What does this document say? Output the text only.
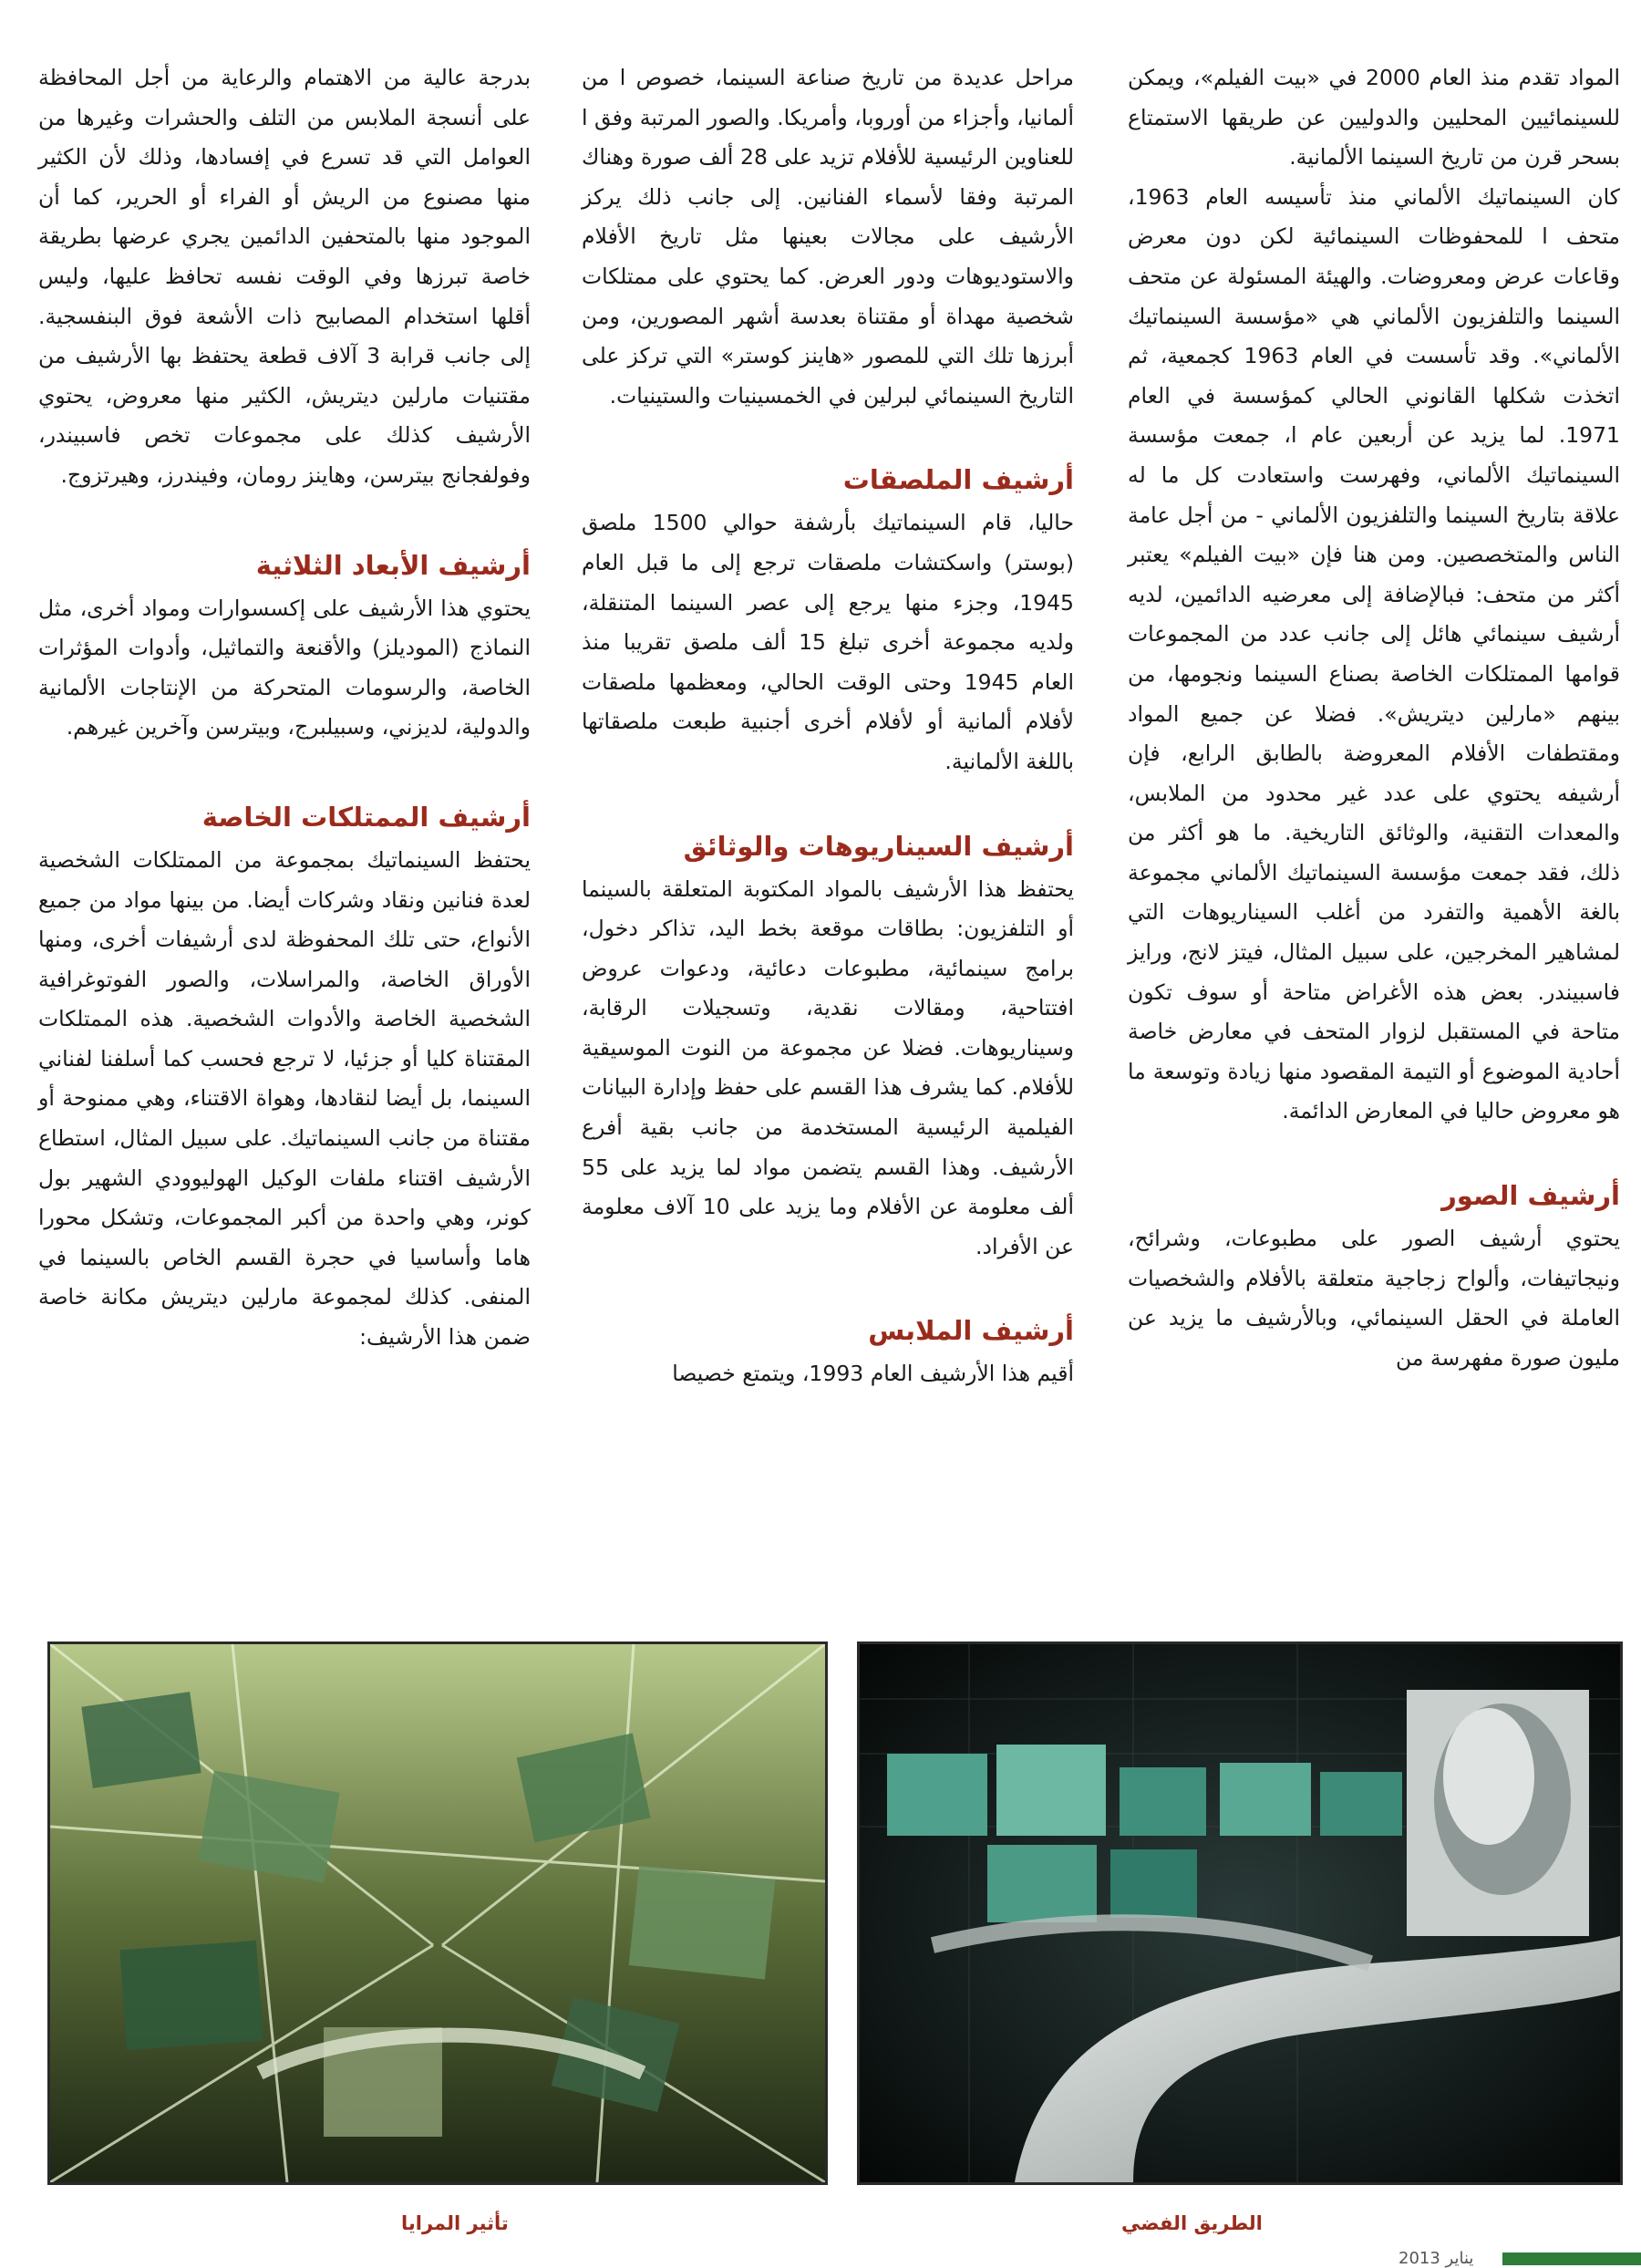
المواد تقدم منذ العام 2000 في «بيت الفيلم»، ويمكن للسينمائيين المحليين والدوليين عن طريقها الاستمتاع بسحر قرن من تاريخ السينما الألمانية.

كان السينماتيك الألماني منذ تأسيسه العام 1963، متحف ا للمحفوظات السينمائية لكن دون معرض وقاعات عرض ومعروضات. والهيئة المسئولة عن متحف السينما والتلفزيون الألماني هي «مؤسسة السينماتيك الألماني». وقد تأسست في العام 1963 كجمعية، ثم اتخذت شكلها القانوني الحالي كمؤسسة في العام 1971. لما يزيد عن أربعين عام ا، جمعت مؤسسة السينماتيك الألماني، وفهرست واستعادت كل ما له علاقة بتاريخ السينما والتلفزيون الألماني - من أجل عامة الناس والمتخصصين. ومن هنا فإن «بيت الفيلم» يعتبر أكثر من متحف: فبالإضافة إلى معرضيه الدائمين، لديه أرشيف سينمائي هائل إلى جانب عدد من المجموعات قوامها الممتلكات الخاصة بصناع السينما ونجومها، من بينهم «مارلين ديتريش». فضلا عن جميع المواد ومقتطفات الأفلام المعروضة بالطابق الرابع، فإن أرشيفه يحتوي على عدد غير محدود من الملابس، والمعدات التقنية، والوثائق التاريخية. ما هو أكثر من ذلك، فقد جمعت مؤسسة السينماتيك الألماني مجموعة بالغة الأهمية والتفرد من أغلب السيناريوهات التي لمشاهير المخرجين، على سبيل المثال، فيتز لانج، ورايز فاسبيندر. بعض هذه الأغراض متاحة أو سوف تكون متاحة في المستقبل لزوار المتحف في معارض خاصة أحادية الموضوع أو التيمة المقصود منها زيادة وتوسعة ما هو معروض حاليا في المعارض الدائمة.

أرشيف الصور

يحتوي أرشيف الصور على مطبوعات، وشرائح، ونيجاتيفات، وألواح زجاجية متعلقة بالأفلام والشخصيات العاملة في الحقل السينمائي، وبالأرشيف ما يزيد عن مليون صورة مفهرسة من

مراحل عديدة من تاريخ صناعة السينما، خصوص ا من ألمانيا، وأجزاء من أوروبا، وأمريكا. والصور المرتبة وفق ا للعناوين الرئيسية للأفلام تزيد على 28 ألف صورة وهناك المرتبة وفقا لأسماء الفنانين. إلى جانب ذلك يركز الأرشيف على مجالات بعينها مثل تاريخ الأفلام والاستوديوهات ودور العرض. كما يحتوي على ممتلكات شخصية مهداة أو مقتناة بعدسة أشهر المصورين، ومن أبرزها تلك التي للمصور «هاينز كوستر» التي تركز على التاريخ السينمائي لبرلين في الخمسينيات والستينيات.

أرشيف الملصقات

حاليا، قام السينماتيك بأرشفة حوالي 1500 ملصق (بوستر) واسكتشات ملصقات ترجع إلى ما قبل العام 1945، وجزء منها يرجع إلى عصر السينما المتنقلة، ولديه مجموعة أخرى تبلغ 15 ألف ملصق تقريبا منذ العام 1945 وحتى الوقت الحالي، ومعظمها ملصقات لأفلام ألمانية أو لأفلام أخرى أجنبية طبعت ملصقاتها باللغة الألمانية.

أرشيف السيناريوهات والوثائق

يحتفظ هذا الأرشيف بالمواد المكتوبة المتعلقة بالسينما أو التلفزيون: بطاقات موقعة بخط اليد، تذاكر دخول، برامج سينمائية، مطبوعات دعائية، ودعوات عروض افتتاحية، ومقالات نقدية، وتسجيلات الرقابة، وسيناريوهات. فضلا عن مجموعة من النوت الموسيقية للأفلام. كما يشرف هذا القسم على حفظ وإدارة البيانات الفيلمية الرئيسية المستخدمة من جانب بقية أفرع الأرشيف. وهذا القسم يتضمن مواد لما يزيد على 55 ألف معلومة عن الأفلام وما يزيد على 10 آلاف معلومة عن الأفراد.

أرشيف الملابس

أقيم هذا الأرشيف العام 1993، ويتمتع خصيصا

بدرجة عالية من الاهتمام والرعاية من أجل المحافظة على أنسجة الملابس من التلف والحشرات وغيرها من العوامل التي قد تسرع في إفسادها، وذلك لأن الكثير منها مصنوع من الريش أو الفراء أو الحرير، كما أن الموجود منها بالمتحفين الدائمين يجري عرضها بطريقة خاصة تبرزها وفي الوقت نفسه تحافظ عليها، وليس أقلها استخدام المصابيح ذات الأشعة فوق البنفسجية. إلى جانب قرابة 3 آلاف قطعة يحتفظ بها الأرشيف من مقتنيات مارلين ديتريش، الكثير منها معروض، يحتوي الأرشيف كذلك على مجموعات تخص فاسبيندر، وفولفجانج بيترسن، وهاينز رومان، وفيندرز، وهيرتزوج.

أرشيف الأبعاد الثلاثية

يحتوي هذا الأرشيف على إكسسوارات ومواد أخرى، مثل النماذج (الموديلز) والأقنعة والتماثيل، وأدوات المؤثرات الخاصة، والرسومات المتحركة من الإنتاجات الألمانية والدولية، لديزني، وسبيلبرج، وبيترسن وآخرين غيرهم.

أرشيف الممتلكات الخاصة

يحتفظ السينماتيك بمجموعة من الممتلكات الشخصية لعدة فنانين ونقاد وشركات أيضا. من بينها مواد من جميع الأنواع، حتى تلك المحفوظة لدى أرشيفات أخرى، ومنها الأوراق الخاصة، والمراسلات، والصور الفوتوغرافية الشخصية الخاصة والأدوات الشخصية. هذه الممتلكات المقتناة كليا أو جزئيا، لا ترجع فحسب كما أسلفنا لفناني السينما، بل أيضا لنقادها، وهواة الاقتناء، وهي ممنوحة أو مقتناة من جانب السينماتيك. على سبيل المثال، استطاع الأرشيف اقتناء ملفات الوكيل الهوليوودي الشهير بول كونر، وهي واحدة من أكبر المجموعات، وتشكل محورا هاما وأساسيا في حجرة القسم الخاص بالسينما في المنفى. كذلك لمجموعة مارلين ديتريش مكانة خاصة ضمن هذا الأرشيف:

الطريق الفضي
تأثير المرايا
يناير 2013
